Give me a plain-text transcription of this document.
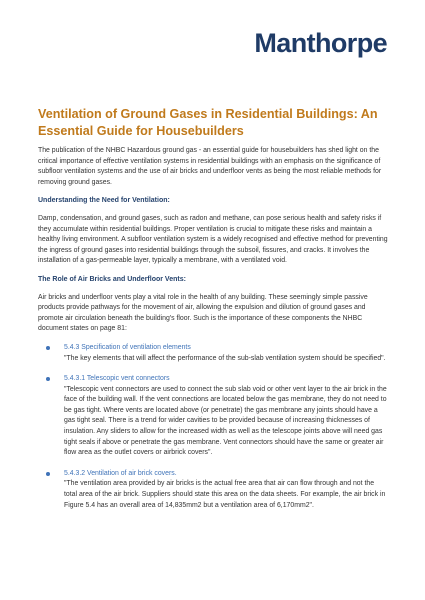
Manthorpe
Ventilation of Ground Gases in Residential Buildings: An Essential Guide for Housebuilders

The publication of the NHBC Hazardous ground gas - an essential guide for housebuilders has shed light on the critical importance of effective ventilation systems in residential buildings with an emphasis on the significance of subfloor ventilation systems and the use of air bricks and underfloor vents as being the most reliable methods for removing ground gases.

Understanding the Need for Ventilation:

Damp, condensation, and ground gases, such as radon and methane, can pose serious health and safety risks if they accumulate within residential buildings. Proper ventilation is crucial to mitigate these risks and maintain a healthy living environment. A subfloor ventilation system is a widely recognised and effective method for preventing the ingress of ground gases into residential buildings through the subsoil, fissures, and cracks. It involves the installation of a gas-permeable layer, typically a membrane, with a ventilated void.

The Role of Air Bricks and Underfloor Vents:

Air bricks and underfloor vents play a vital role in the health of any building. These seemingly simple passive products provide pathways for the movement of air, allowing the expulsion and dilution of ground gases and promote air circulation beneath the building's floor. Such is the importance of these components the NHBC document states on page 81:

5.4.3 Specification of ventilation elements
"The key elements that will affect the performance of the sub-slab ventilation system should be specified".
5.4.3.1 Telescopic vent connectors
"Telescopic vent connectors are used to connect the sub slab void or other vent layer to the air brick in the face of the building wall. If the vent connections are located below the gas membrane, they do not need to be gas tight. Where vents are located above (or penetrate) the gas membrane any joints should have a gas tight seal. There is a trend for wider cavities to be provided because of increasing thicknesses of insulation. Any sliders to allow for the increased width as well as the telescope joints above will need gas tight seals if above or penetrate the gas membrane. Vent connectors should have the same or greater air flow area as the outlet covers or airbrick covers".
5.4.3.2 Ventilation of air brick covers.
"The ventilation area provided by air bricks is the actual free area that air can flow through and not the total area of the air brick. Suppliers should state this area on the data sheets. For example, the air brick in Figure 5.4 has an overall area of 14,835mm2 but a ventilation area of 6,170mm2".
